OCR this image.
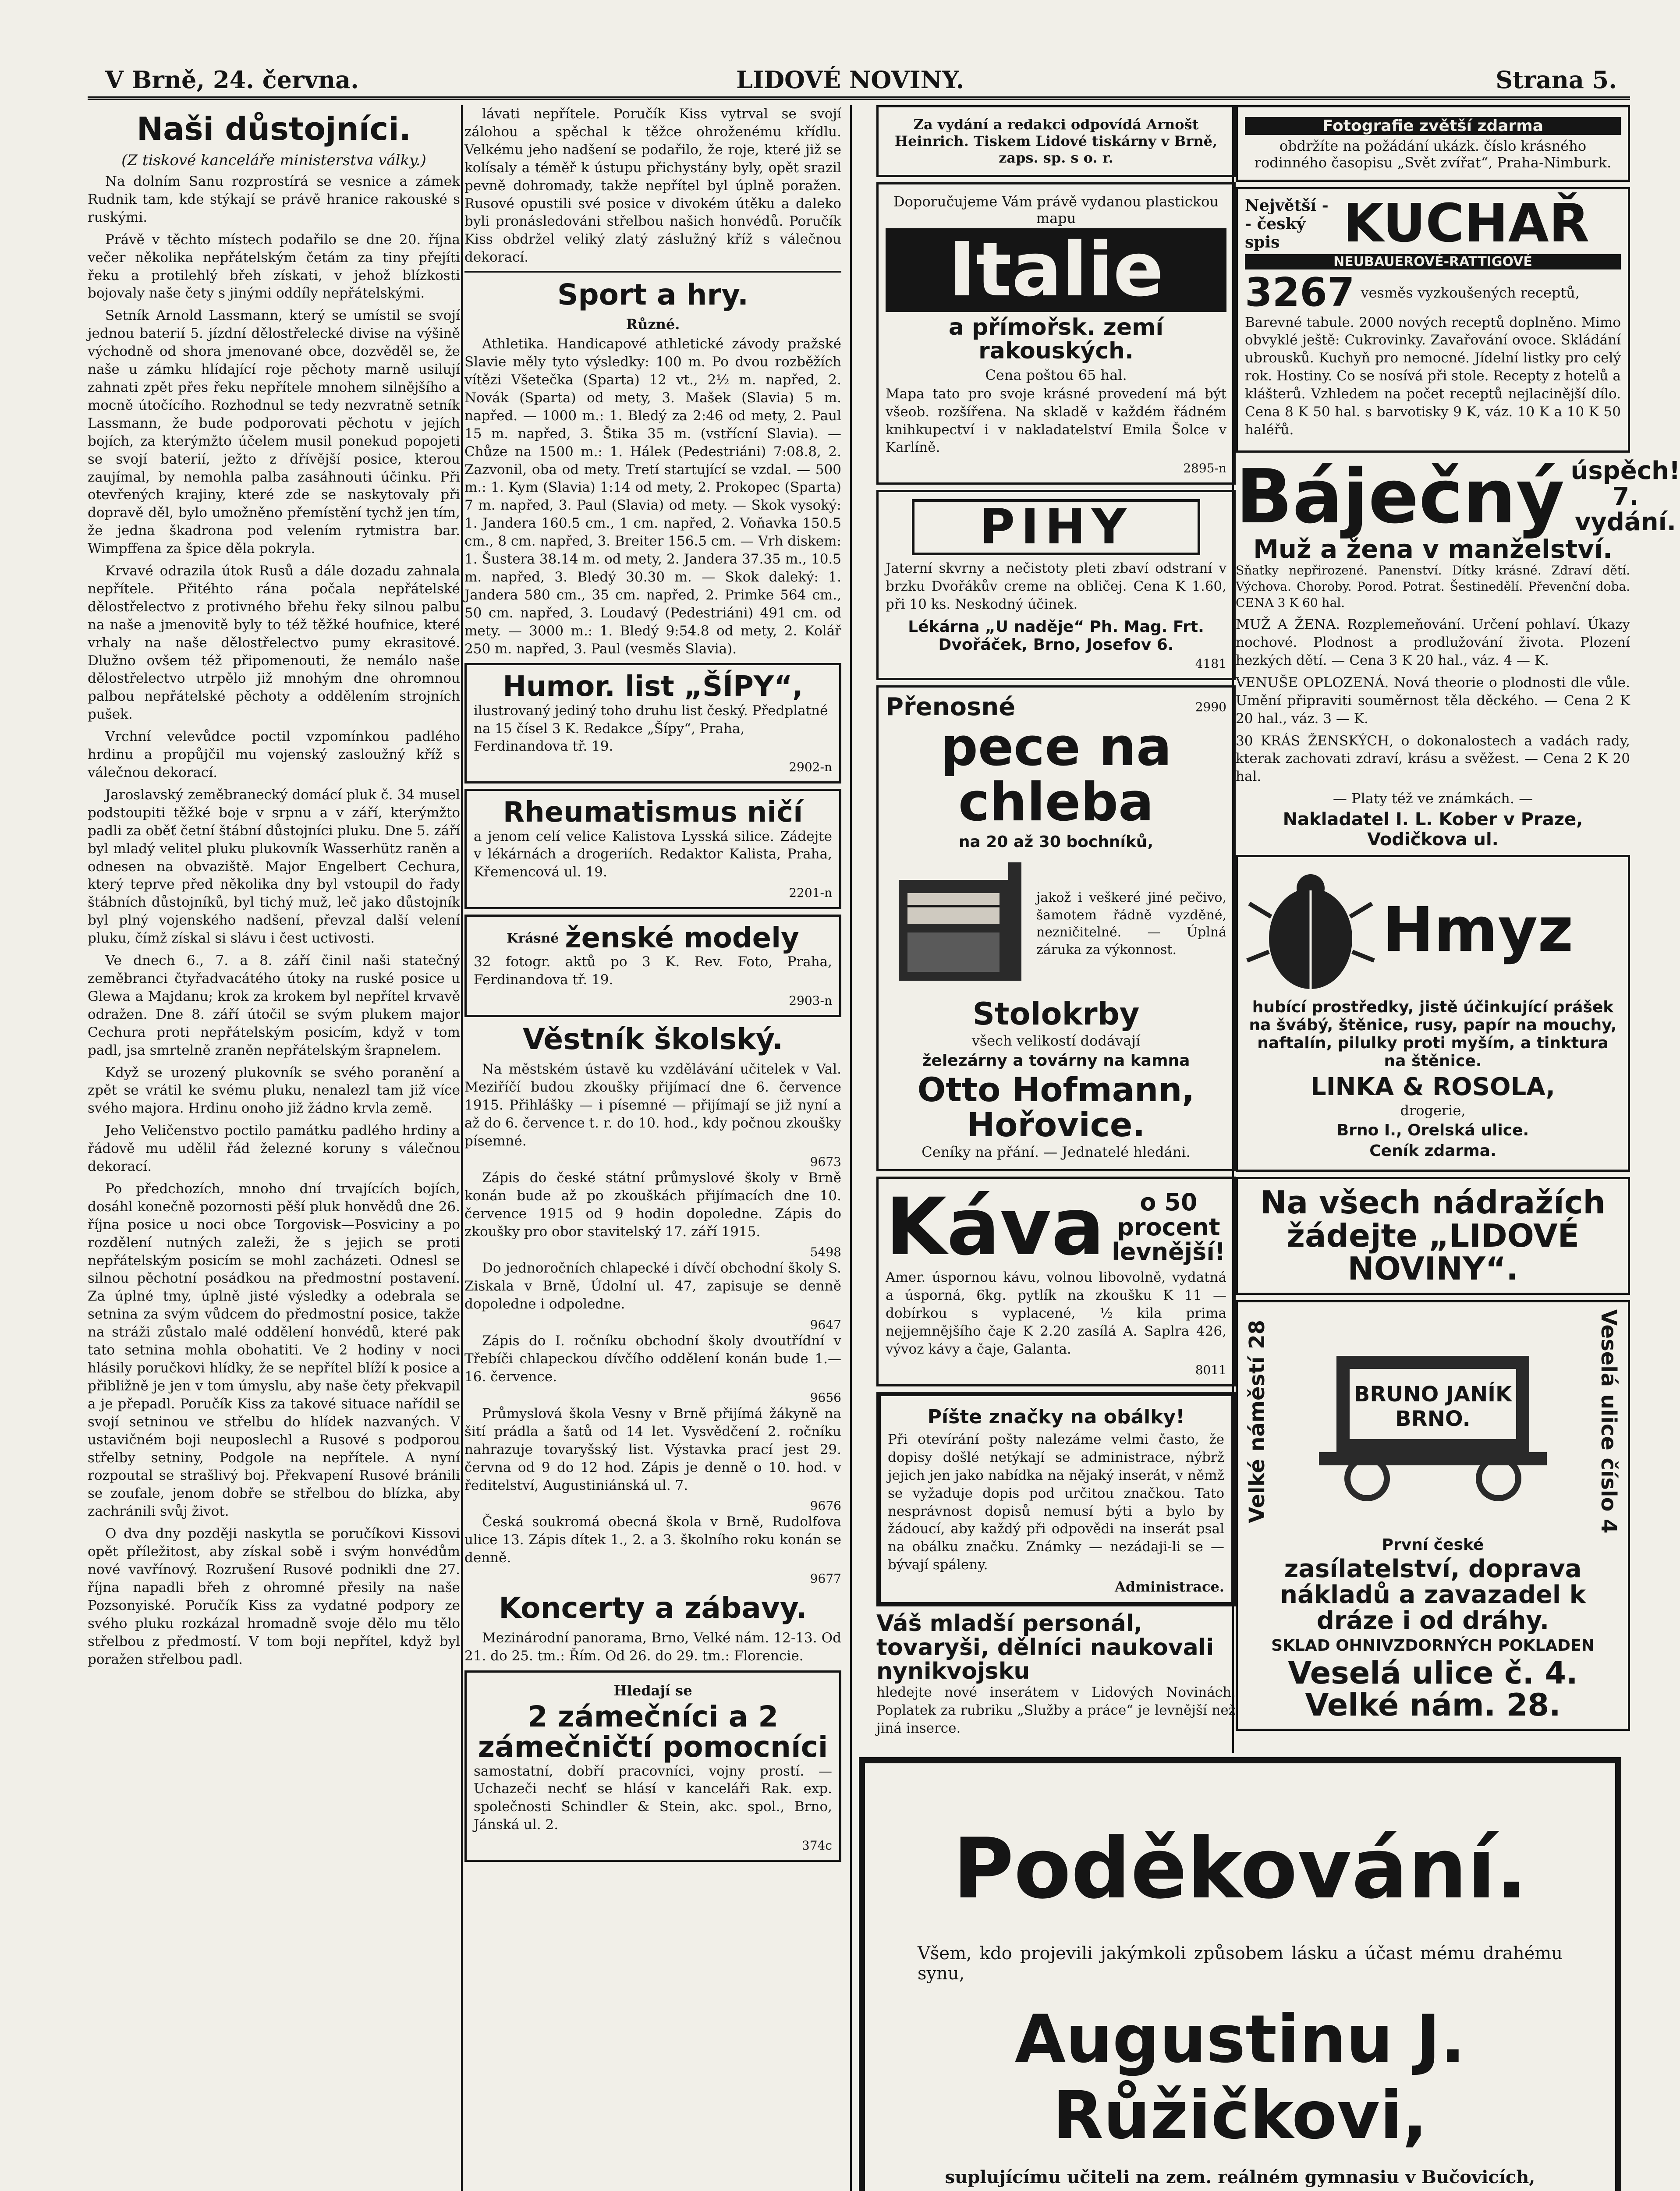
V Brně, 24. června.	LIDOVÉ NOVINY.	Strana 5.
Naši důstojníci.
(Z tiskové kanceláře ministerstva války.)

Na dolním Sanu rozprostírá se vesnice a zámek Rudnik tam, kde stýkají se právě hranice rakouské s ruskými.

Právě v těchto místech podařilo se dne 20. října večer několika nepřátelským četám za tiny přejíti řeku a protilehlý břeh získati, v jehož blízkosti bojovaly naše čety s jinými oddíly nepřátelskými.

Setník Arnold Lassmann, který se umístil se svojí jednou baterií 5. jízdní dělostřelecké divise na výšině východně od shora jmenované obce, dozvěděl se, že naše u zámku hlídající roje pěchoty marně usilují zahnati zpět přes řeku nepřítele mnohem silnějšího a mocně útočícího. Rozhodnul se tedy nezvratně setník Lassmann, že bude podporovati pěchotu v jejích bojích, za kterýmžto účelem musil ponekud popojeti se svojí baterií, ježto z dřívější posice, kterou zaujímal, by nemohla palba zasáhnouti účinku. Při otevřených krajiny, které zde se naskytovaly při dopravě děl, bylo umožněno přemístění tychž jen tím, že jedna škadrona pod velením rytmistra bar. Wimpffena za špice děla pokryla.

Krvavé odrazila útok Rusů a dále dozadu zahnala nepřítele. Přitéhto rána počala nepřátelské dělostřelectvo z protivného břehu řeky silnou palbu na naše a jmenovitě byly to též těžké houfnice, které vrhaly na naše dělostřelectvo pumy ekrasitové. Dlužno ovšem též připomenouti, že nemálo naše dělostřelectvo utrpělo již mnohým dne ohromnou palbou nepřátelské pěchoty a oddělením strojních pušek.

Vrchní velevůdce poctil vzpomínkou padlého hrdinu a propůjčil mu vojenský zasloužný kříž s válečnou dekorací.

Jaroslavský zeměbranecký domácí pluk č. 34 musel podstoupiti těžké boje v srpnu a v září, kterýmžto padli za oběť četní štábní důstojníci pluku. Dne 5. září byl mladý velitel pluku plukovník Wasserhütz raněn a odnesen na obvaziště. Major Engelbert Cechura, který teprve před několika dny byl vstoupil do řady štábních důstojníků, byl tichý muž, leč jako důstojník byl plný vojenského nadšení, převzal další velení pluku, čímž získal si slávu i čest uctivosti.

Ve dnech 6., 7. a 8. září činil naši statečný zeměbranci čtyřadvacátého útoky na ruské posice u Glewa a Majdanu; krok za krokem byl nepřítel krvavě odražen. Dne 8. září útočil se svým plukem major Cechura proti nepřátelským posicím, když v tom padl, jsa smrtelně zraněn nepřátelským šrapnelem.

Když se urozený plukovník se svého poranění a zpět se vrátil ke svému pluku, nenalezl tam již více svého majora. Hrdinu onoho již žádno krvla země.

Jeho Veličenstvo poctilo památku padlého hrdiny a řádově mu udělil řád železné koruny s válečnou dekorací.

Po předchozích, mnoho dní trvajících bojích, dosáhl konečně pozornosti pěší pluk honvědů dne 26. října posice u noci obce Torgovisk—Posviciny a po rozdělení nutných zaleži, že s jejich se proti nepřátelským posicím se mohl zacházeti. Odnesl se silnou pěchotní posádkou na předmostní postavení. Za úplné tmy, úplně jisté výsledky a odebrala se setnina za svým vůdcem do předmostní posice, takže na stráži zůstalo malé oddělení honvédů, které pak tato setnina mohla obohatiti. Ve 2 hodiny v noci hlásily poručkovi hlídky, že se nepřítel blíží k posice a přibližně je jen v tom úmyslu, aby naše čety překvapil a je přepadl. Poručík Kiss za takové situace nařídil se svojí setninou ve střelbu do hlídek nazvaných. V ustavičném boji neuposlechl a Rusové s podporou střelby setniny, Podgole na nepřítele. A nyní rozpoutal se strašlivý boj. Překvapení Rusové bránili se zoufale, jenom dobře se střelbou do blízka, aby zachránili svůj život.

O dva dny později naskytla se poručíkovi Kissovi opět příležitost, aby získal sobě i svým honvédům nové vavřínový. Rozrušení Rusové podnikli dne 27. října napadli břeh z ohromné přesily na naše Pozsonyiské. Poručík Kiss za vydatné podpory ze svého pluku rozkázal hromadně svoje dělo mu tělo střelbou z předmostí. V tom boji nepřítel, když byl poražen střelbou padl.

lávati nepřítele. Poručík Kiss vytrval se svojí zálohou a spěchal k těžce ohroženému křídlu. Velkému jeho nadšení se podařilo, že roje, které již se kolísaly a téměř k ústupu přichystány byly, opět srazil pevně dohromady, takže nepřítel byl úplně poražen. Rusové opustili své posice v divokém útěku a daleko byli pronásledováni střelbou našich honvédů. Poručík Kiss obdržel veliký zlatý záslužný kříž s válečnou dekorací.

Sport a hry.
Různé.

Athletika. Handicapové athletické závody pražské Slavie měly tyto výsledky: 100 m. Po dvou rozběžích vítězi Všetečka (Sparta) 12 vt., 2½ m. napřed, 2. Novák (Sparta) od mety, 3. Mašek (Slavia) 5 m. napřed. — 1000 m.: 1. Bledý za 2:46 od mety, 2. Paul 15 m. napřed, 3. Štika 35 m. (vstřícní Slavia). — Chůze na 1500 m.: 1. Hálek (Pedestriáni) 7:08.8, 2. Zazvonil, oba od mety. Tretí startující se vzdal. — 500 m.: 1. Kym (Slavia) 1:14 od mety, 2. Prokopec (Sparta) 7 m. napřed, 3. Paul (Slavia) od mety. — Skok vysoký: 1. Jandera 160.5 cm., 1 cm. napřed, 2. Voňavka 150.5 cm., 8 cm. napřed, 3. Breiter 156.5 cm. — Vrh diskem: 1. Šustera 38.14 m. od mety, 2. Jandera 37.35 m., 10.5 m. napřed, 3. Bledý 30.30 m. — Skok daleký: 1. Jandera 580 cm., 35 cm. napřed, 2. Primke 564 cm., 50 cm. napřed, 3. Loudavý (Pedestriáni) 491 cm. od mety. — 3000 m.: 1. Bledý 9:54.8 od mety, 2. Kolář 250 m. napřed, 3. Paul (vesměs Slavia).

Humor. list „ŠÍPY“,

ilustrovaný jediný toho druhu list český. Předplatné na 15 čísel 3 K. Redakce „Šípy“, Praha, Ferdinandova tř. 19.

2902-n
Rheumatismus ničí

a jenom celí velice Kalistova Lysská silice. Zádejte v lékárnách a drogeriích. Redaktor Kalista, Praha, Křemencová ul. 19.

2201-n
Krásné ženské modely

32 fotogr. aktů po 3 K. Rev. Foto, Praha, Ferdinandova tř. 19.

2903-n
Věstník školský.

Na městském ústavě ku vzdělávání učitelek v Val. Meziříčí budou zkoušky přijímací dne 6. července 1915. Přihlášky — i písemné — přijímají se již nyní a až do 6. července t. r. do 10. hod., kdy počnou zkoušky písemné.

9673

Zápis do české státní průmyslové školy v Brně konán bude až po zkouškách přijímacích dne 10. července 1915 od 9 hodin dopoledne. Zápis do zkoušky pro obor stavitelský 17. září 1915.

5498

Do jednoročních chlapecké i dívčí obchodní školy S. Ziskala v Brně, Údolní ul. 47, zapisuje se denně dopoledne i odpoledne.

9647

Zápis do I. ročníku obchodní školy dvoutřídní v Třebíči chlapeckou dívčího oddělení konán bude 1.—16. července.

9656

Průmyslová škola Vesny v Brně přijímá žákyně na šití prádla a šatů od 14 let. Vysvědčení 2. ročníku nahrazuje tovaryšský list. Výstavka prací jest 29. června od 9 do 12 hod. Zápis je denně o 10. hod. v ředitelství, Augustiniánská ul. 7.

9676

Česká soukromá obecná škola v Brně, Rudolfova ulice 13. Zápis dítek 1., 2. a 3. školního roku konán se denně.

9677
Koncerty a zábavy.

Mezinárodní panorama, Brno, Velké nám. 12-13. Od 21. do 25. tm.: Řím. Od 26. do 29. tm.: Florencie.

Hledají se
2 zámečníci a 2 zámečničtí pomocníci

samostatní, dobří pracovníci, vojny prostí. — Uchazeči nechť se hlásí v kanceláři Rak. exp. společnosti Schindler & Stein, akc. spol., Brno, Jánská ul. 2.

374c
Za vydání a redakci odpovídá Arnošt Heinrich. Tiskem Lidové tiskárny v Brně, zaps. sp. s o. r.
Doporučujeme Vám právě vydanou plastickou mapu
Italie
a přímořsk. zemí rakouských.
Cena poštou 65 hal.

Mapa tato pro svoje krásné provedení má být všeob. rozšířena. Na skladě v každém řádném knihkupectví i v nakladatelství Emila Šolce v Karlíně.

2895-n
PIHY

Jaterní skvrny a nečistoty pleti zbaví odstraní v brzku Dvořákův creme na obličej. Cena K 1.60, při 10 ks. Neskodný účinek.

Lékárna „U naděje“ Ph. Mag. Frt. Dvořáček, Brno, Josefov 6.
4181
Přenosné	2990
pece na chleba
na 20 až 30 bochníků,

jakož i veškeré jiné pečivo, šamotem řádně vyzděné, nezničitelné. — Úplná záruka za výkonnost.

Stolokrby
všech velikostí dodávají
železárny a továrny na kamna
Otto Hofmann, Hořovice.
Ceníky na přání. — Jednatelé hledáni.
Káva	o 50 procent levnější!

Amer. úspornou kávu, volnou libovolně, vydatná a úsporná, 6kg. pytlík na zkoušku K 11 — dobírkou s vyplacené, ½ kila prima nejjemnějšího čaje K 2.20 zasílá A. Saplra 426, vývoz kávy a čaje, Galanta.

8011
Píšte značky na obálky!

Při otevírání pošty nalezáme velmi často, že dopisy došlé netýkají se administrace, nýbrž jejich jen jako nabídka na nějaký inserát, v němž se vyžaduje dopis pod určitou značkou. Tato nesprávnost dopisů nemusí býti a bylo by žádoucí, aby každý při odpovědi na inserát psal na obálku značku. Známky — nezádaji-li se — bývají spáleny.

Administrace.
Váš mladší personál, tovaryši, dělníci naukovali nynikvojsku

hledejte nové inserátem v Lidových Novinách. Poplatek za rubriku „Služby a práce“ je levnější než jiná inserce.

Fotografie zvětší zdarma
obdržíte na požádání ukázk. číslo krásného rodinného časopisu „Svět zvířat“, Praha-Nimburk.
Největší - - český spis	KUCHAŘ
NEUBAUEROVÉ-RATTIGOVÉ
3267 vesměs vyzkoušených receptů,

Barevné tabule. 2000 nových receptů doplněno. Mimo obvyklé ještě: Cukrovinky. Zavařování ovoce. Skládání ubrousků. Kuchyň pro nemocné. Jídelní listky pro celý rok. Hostiny. Co se nosívá při stole. Recepty z hotelů a klášterů. Vzhledem na počet receptů nejlacinější dílo. Cena 8 K 50 hal. s barvotisky 9 K, váz. 10 K a 10 K 50 haléřů.

Báječný úspěch! 7. vydání.
Muž a žena v manželství.

Sňatky nepřirozené. Panenství. Dítky krásné. Zdraví dětí. Výchova. Choroby. Porod. Potrat. Šestinedělí. Převenční doba. CENA 3 K 60 hal.

MUŽ A ŽENA. Rozplemeňování. Určení pohlaví. Úkazy nochové. Plodnost a prodlužování života. Plození hezkých dětí. — Cena 3 K 20 hal., váz. 4 — K.

VENUŠE OPLOZENÁ. Nová theorie o plodnosti dle vůle. Umění připraviti souměrnost těla děckého. — Cena 2 K 20 hal., váz. 3 — K.

30 KRÁS ŽENSKÝCH, o dokonalostech a vadách rady, kterak zachovati zdraví, krásu a svěžest. — Cena 2 K 20 hal.

— Platy též ve známkách. —
Nakladatel I. L. Kober v Praze, Vodičkova ul.
Hmyz
hubící prostředky, jistě účinkující prášek na švábý, štěnice, rusy, papír na mouchy, naftalín, pilulky proti myším, a tinktura na štěnice.
LINKA & ROSOLA,
drogerie,
Brno I., Orelská ulice.
Ceník zdarma.
Na všech nádražích žádejte „LIDOVÉ NOVINY“.
Velké náměstí 28	BRUNO JANÍK BRNO.	Veselá ulice číslo 4
První české
zasílatelství, doprava nákladů a zavazadel k dráze i od dráhy.
SKLAD OHNIVZDORNÝCH POKLADEN
Veselá ulice č. 4.
Velké nám. 28.
Poděkování.
Všem, kdo projevili jakýmkoli způsobem lásku a účast mému drahému synu,
Augustinu J. Růžičkovi,
suplujícímu učiteli na zem. reálném gymnasiu v Bučovicích,
